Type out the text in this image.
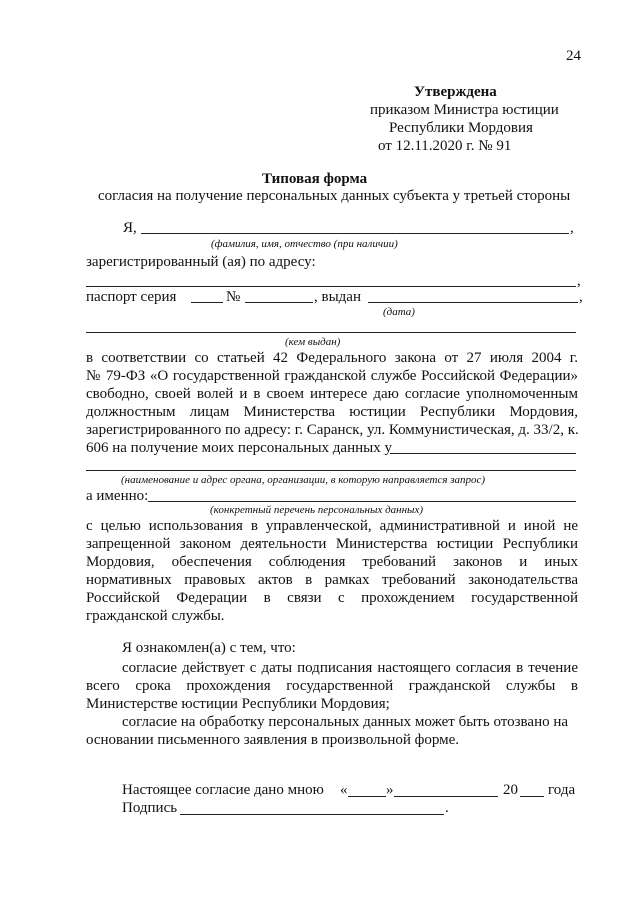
24
Утверждена
приказом Министра юстиции
Республики Мордовия
от 12.11.2020 г. № 91
Типовая форма
согласия на получение персональных данных субъекта у третьей стороны
Я,	,
(фамилия, имя, отчество (при наличии)
зарегистрированный (ая) по адресу:
,
паспорт серия	№	, выдан	,
(дата)
(кем выдан)
в соответствии со статьей 42 Федерального закона от 27 июля 2004 г.
№ 79-ФЗ «О государственной гражданской службе Российской Федерации»
свободно, своей волей и в своем интересе даю согласие уполномоченным
должностным лицам Министерства юстиции Республики Мордовия,
зарегистрированного по адресу: г. Саранск, ул. Коммунистическая, д. 33/2, к.
606 на получение моих персональных данных у
(наименование и адрес органа, организации, в которую направляется запрос)
а именно:
(конкретный перечень персональных данных)
с целью использования в управленческой, административной и иной не
запрещенной законом деятельности Министерства юстиции Республики
Мордовия, обеспечения соблюдения требований законов и иных
нормативных правовых актов в рамках требований законодательства
Российской Федерации в связи с прохождением государственной
гражданской службы.
Я ознакомлен(а) с тем, что:
согласие действует с даты подписания настоящего согласия в течение
всего срока прохождения государственной гражданской службы в
Министерстве юстиции Республики Мордовия;
согласие на обработку персональных данных может быть отозвано на
основании письменного заявления в произвольной форме.
Настоящее согласие дано мною «	»	20 года
Подпись	.
